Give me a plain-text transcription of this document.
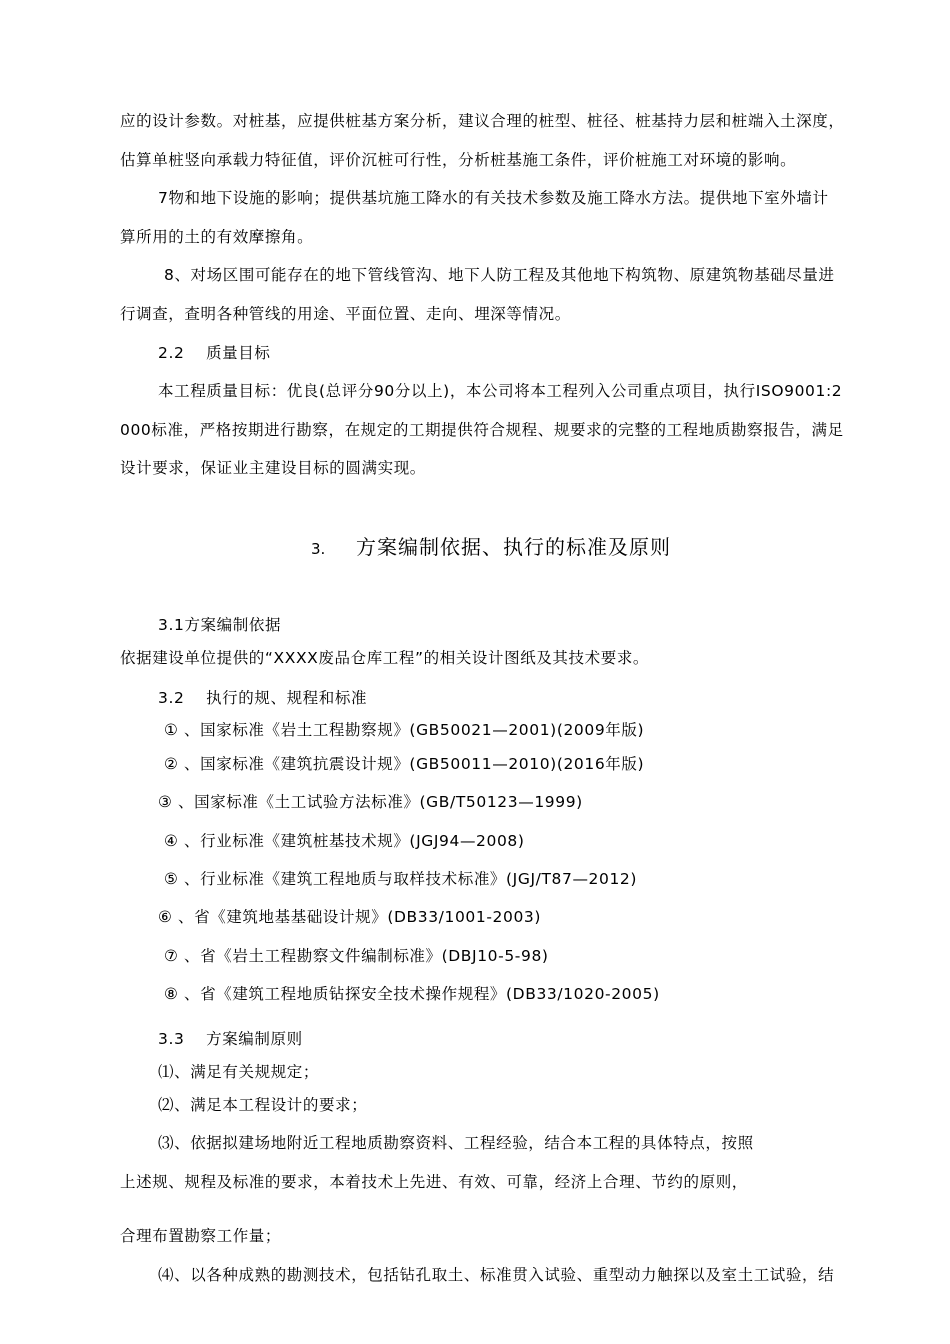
应的设计参数。对桩基，应提供桩基方案分析，建议合理的桩型、桩径、桩基持力层和桩端入土深度，
估算单桩竖向承载力特征值，评价沉桩可行性，分析桩基施工条件，评价桩施工对环境的影响。
7物和地下设施的影响；提供基坑施工降水的有关技术参数及施工降水方法。提供地下室外墙计
算所用的土的有效摩擦角。
8、对场区围可能存在的地下管线管沟、地下人防工程及其他地下构筑物、原建筑物基础尽量进
行调查，查明各种管线的用途、平面位置、走向、埋深等情况。
2.2　 质量目标
本工程质量目标：优良(总评分90分以上)，本公司将本工程列入公司重点项目，执行ISO9001:2
000标准，严格按期进行勘察，在规定的工期提供符合规程、规要求的完整的工程地质勘察报告，满足
设计要求，保证业主建设目标的圆满实现。
3. 方案编制依据、执行的标准及原则
3.1方案编制依据
依据建设单位提供的“XXXX废品仓库工程”的相关设计图纸及其技术要求。
3.2　 执行的规、规程和标准
① 、国家标准《岩土工程勘察规》(GB50021—2001)(2009年版)
② 、国家标准《建筑抗震设计规》(GB50011—2010)(2016年版)
③ 、国家标准《土工试验方法标准》(GB/T50123—1999)
④ 、行业标准《建筑桩基技术规》(JGJ94—2008)
⑤ 、行业标准《建筑工程地质与取样技术标准》(JGJ/T87—2012)
⑥ 、省《建筑地基基础设计规》(DB33/1001-2003)
⑦ 、省《岩土工程勘察文件编制标准》(DBJ10-5-98)
⑧ 、省《建筑工程地质钻探安全技术操作规程》(DB33/1020-2005)
3.3　 方案编制原则
⑴、满足有关规规定；
⑵、满足本工程设计的要求；
⑶、依据拟建场地附近工程地质勘察资料、工程经验，结合本工程的具体特点，按照
上述规、规程及标准的要求，本着技术上先进、有效、可靠，经济上合理、节约的原则，
合理布置勘察工作量；
⑷、以各种成熟的勘测技术，包括钻孔取土、标准贯入试验、重型动力触探以及室土工试验，结
